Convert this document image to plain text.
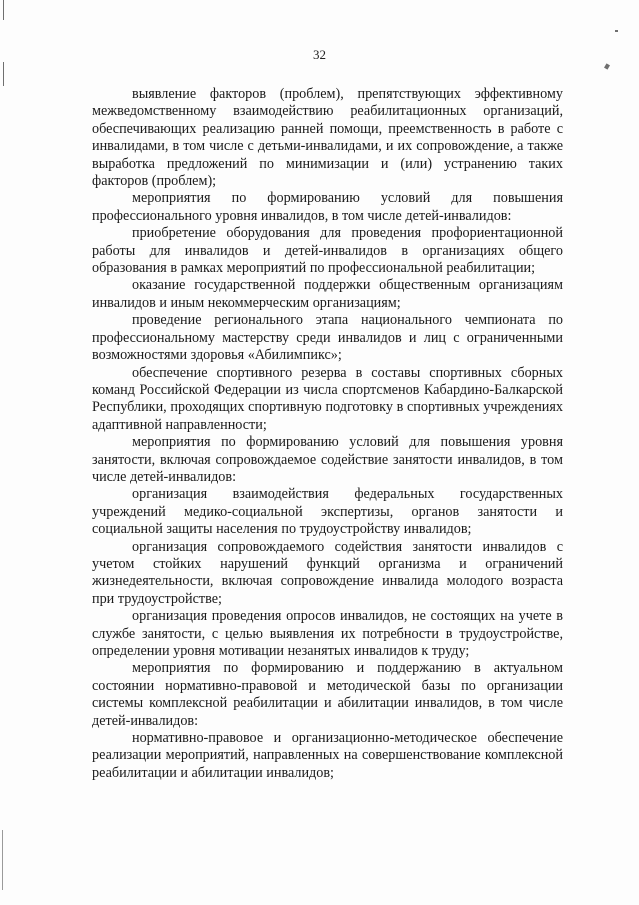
32

выявление факторов (проблем), препятствующих эффективному межведомственному взаимодействию реабилитационных организаций, обеспечивающих реализацию ранней помощи, преемственность в работе с инвалидами, в том числе с детьми-инвалидами, и их сопровождение, а также выработка предложений по минимизации и (или) устранению таких факторов (проблем);

мероприятия по формированию условий для повышения профессионального уровня инвалидов, в том числе детей-инвалидов:

приобретение оборудования для проведения профориентационной работы для инвалидов и детей-инвалидов в организациях общего образования в рамках мероприятий по профессиональной реабилитации;

оказание государственной поддержки общественным организациям инвалидов и иным некоммерческим организациям;

проведение регионального этапа национального чемпионата по профессиональному мастерству среди инвалидов и лиц с ограниченными возможностями здоровья «Абилимпикс»;

обеспечение спортивного резерва в составы спортивных сборных команд Российской Федерации из числа спортсменов Кабардино-Балкарской Республики, проходящих спортивную подготовку в спортивных учреждениях адаптивной направленности;

мероприятия по формированию условий для повышения уровня занятости, включая сопровождаемое содействие занятости инвалидов, в том числе детей-инвалидов:

организация взаимодействия федеральных государственных учреждений медико-социальной экспертизы, органов занятости и социальной защиты населения по трудоустройству инвалидов;

организация сопровождаемого содействия занятости инвалидов с учетом стойких нарушений функций организма и ограничений жизнедеятельности, включая сопровождение инвалида молодого возраста при трудоустройстве;

организация проведения опросов инвалидов, не состоящих на учете в службе занятости, с целью выявления их потребности в трудоустройстве, определении уровня мотивации незанятых инвалидов к труду;

мероприятия по формированию и поддержанию в актуальном состоянии нормативно-правовой и методической базы по организации системы комплексной реабилитации и абилитации инвалидов, в том числе детей-инвалидов:

нормативно-правовое и организационно-методическое обеспечение реализации мероприятий, направленных на совершенствование комплексной реабилитации и абилитации инвалидов;
